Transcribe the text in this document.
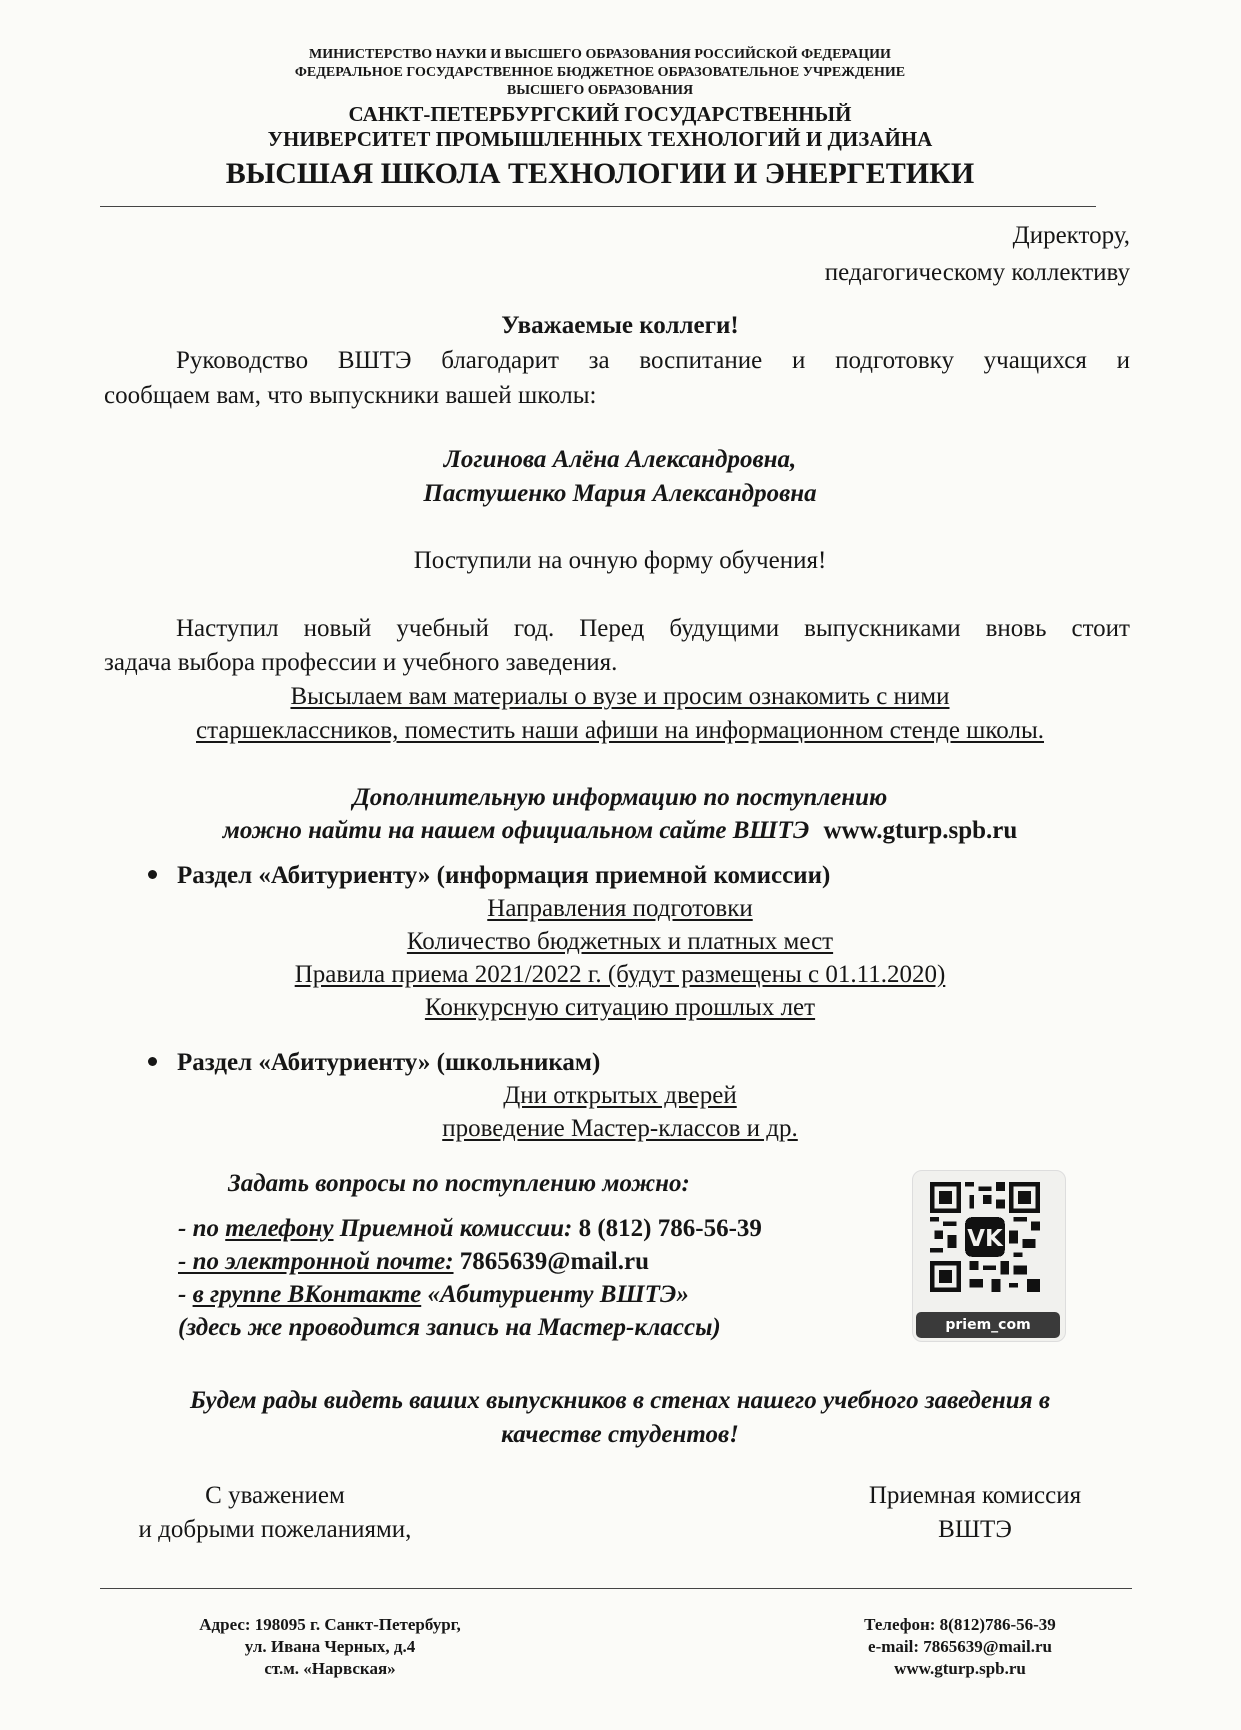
МИНИСТЕРСТВО НАУКИ И ВЫСШЕГО ОБРАЗОВАНИЯ РОССИЙСКОЙ ФЕДЕРАЦИИ
ФЕДЕРАЛЬНОЕ ГОСУДАРСТВЕННОЕ БЮДЖЕТНОЕ ОБРАЗОВАТЕЛЬНОЕ УЧРЕЖДЕНИЕ
ВЫСШЕГО ОБРАЗОВАНИЯ
САНКТ-ПЕТЕРБУРГСКИЙ ГОСУДАРСТВЕННЫЙ
УНИВЕРСИТЕТ ПРОМЫШЛЕННЫХ ТЕХНОЛОГИЙ И ДИЗАЙНА
ВЫСШАЯ ШКОЛА ТЕХНОЛОГИИ И ЭНЕРГЕТИКИ
Директору,
педагогическому коллективу
Уважаемые коллеги!
Руководство ВШТЭ благодарит за воспитание и подготовку учащихся и
сообщаем вам, что выпускники вашей школы:
Логинова Алёна Александровна,
Пастушенко Мария Александровна
Поступили на очную форму обучения!
Наступил новый учебный год. Перед будущими выпускниками вновь стоит
задача выбора профессии и учебного заведения.
Высылаем вам материалы о вузе и просим ознакомить с ними
старшеклассников, поместить наши афиши на информационном стенде школы.
Дополнительную информацию по поступлению
можно найти на нашем официальном сайте ВШТЭ www.gturp.spb.ru
Раздел «Абитуриенту» (информация приемной комиссии)
Направления подготовки
Количество бюджетных и платных мест
Правила приема 2021/2022 г. (будут размещены с 01.11.2020)
Конкурсную ситуацию прошлых лет
Раздел «Абитуриенту» (школьникам)
Дни открытых дверей
проведение Мастер-классов и др.
Задать вопросы по поступлению можно:
- по телефону Приемной комиссии: 8 (812) 786-56-39
- по электронной почте: 7865639@mail.ru
- в группе ВКонтакте «Абитуриенту ВШТЭ»
(здесь же проводится запись на Мастер-классы)
VK
priem_com
Будем рады видеть ваших выпускников в стенах нашего учебного заведения в
качестве студентов!
С уважением
и добрыми пожеланиями,
Приемная комиссия
ВШТЭ
Адрес: 198095 г. Санкт-Петербург,
ул. Ивана Черных, д.4
ст.м. «Нарвская»
Телефон: 8(812)786-56-39
e-mail: 7865639@mail.ru
www.gturp.spb.ru
